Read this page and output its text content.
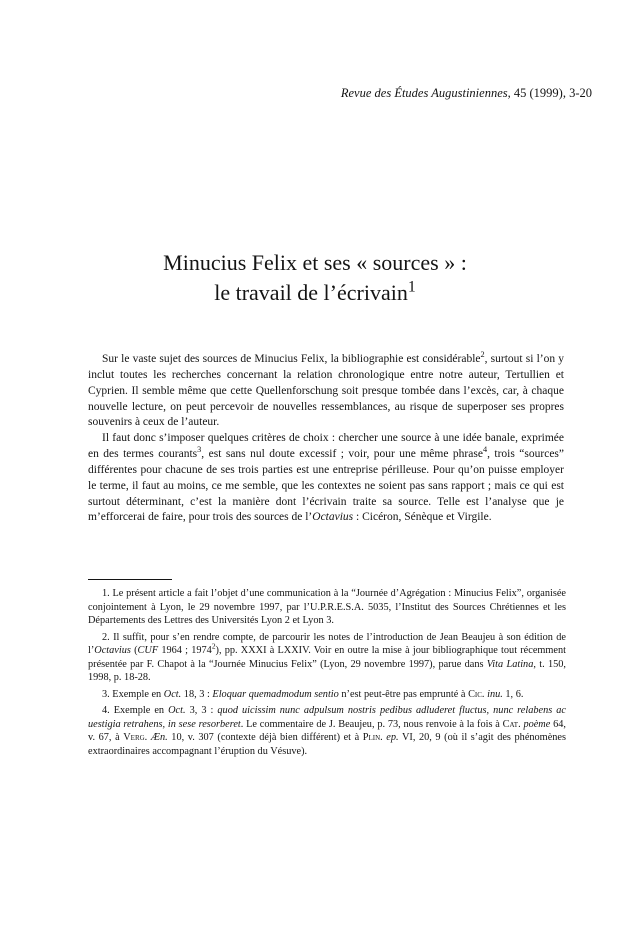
Revue des Études Augustiniennes, 45 (1999), 3-20
Minucius Felix et ses « sources » :
le travail de l’écrivain$^1$

Sur le vaste sujet des sources de Minucius Felix, la bibliographie est considérable$^2$, surtout si l’on y inclut toutes les recherches concernant la relation chronologique entre notre auteur, Tertullien et Cyprien. Il semble même que cette Quellenforschung soit presque tombée dans l’excès, car, à chaque nouvelle lecture, on peut percevoir de nouvelles ressemblances, au risque de superposer ses propres souvenirs à ceux de l’auteur.

Il faut donc s’imposer quelques critères de choix : chercher une source à une idée banale, exprimée en des termes courants$^3$, est sans nul doute excessif ; voir, pour une même phrase$^4$, trois “sources” différentes pour chacune de ses trois parties est une entreprise périlleuse. Pour qu’on puisse employer le terme, il faut au moins, ce me semble, que les contextes ne soient pas sans rapport ; mais ce qui est surtout déterminant, c’est la manière dont l’écrivain traite sa source. Telle est l’analyse que je m’efforcerai de faire, pour trois des sources de l’Octavius : Cicéron, Sénèque et Virgile.

1. Le présent article a fait l’objet d’une communication à la “Journée d’Agrégation : Minucius Felix”, organisée conjointement à Lyon, le 29 novembre 1997, par l’U.P.R.E.S.A. 5035, l’Institut des Sources Chrétiennes et les Départements des Lettres des Universités Lyon 2 et Lyon 3.

2. Il suffit, pour s’en rendre compte, de parcourir les notes de l’introduction de Jean Beaujeu à son édition de l’Octavius (CUF 1964 ; 1974$^2$), pp. XXXI à LXXIV. Voir en outre la mise à jour bibliographique tout récemment présentée par F. Chapot à la “Journée Minucius Felix” (Lyon, 29 novembre 1997), parue dans Vita Latina, t. 150, 1998, p. 18-28.

3. Exemple en Oct. 18, 3 : Eloquar quemadmodum sentio n’est peut-être pas emprunté à Cic. inu. 1, 6.

4. Exemple en Oct. 3, 3 : quod uicissim nunc adpulsum nostris pedibus adluderet fluctus, nunc relabens ac uestigia retrahens, in sese resorberet. Le commentaire de J. Beaujeu, p. 73, nous renvoie à la fois à Cat. poème 64, v. 67, à Verg. Æn. 10, v. 307 (contexte déjà bien différent) et à Plin. ep. VI, 20, 9 (où il s’agit des phénomènes extraordinaires accompagnant l’éruption du Vésuve).
